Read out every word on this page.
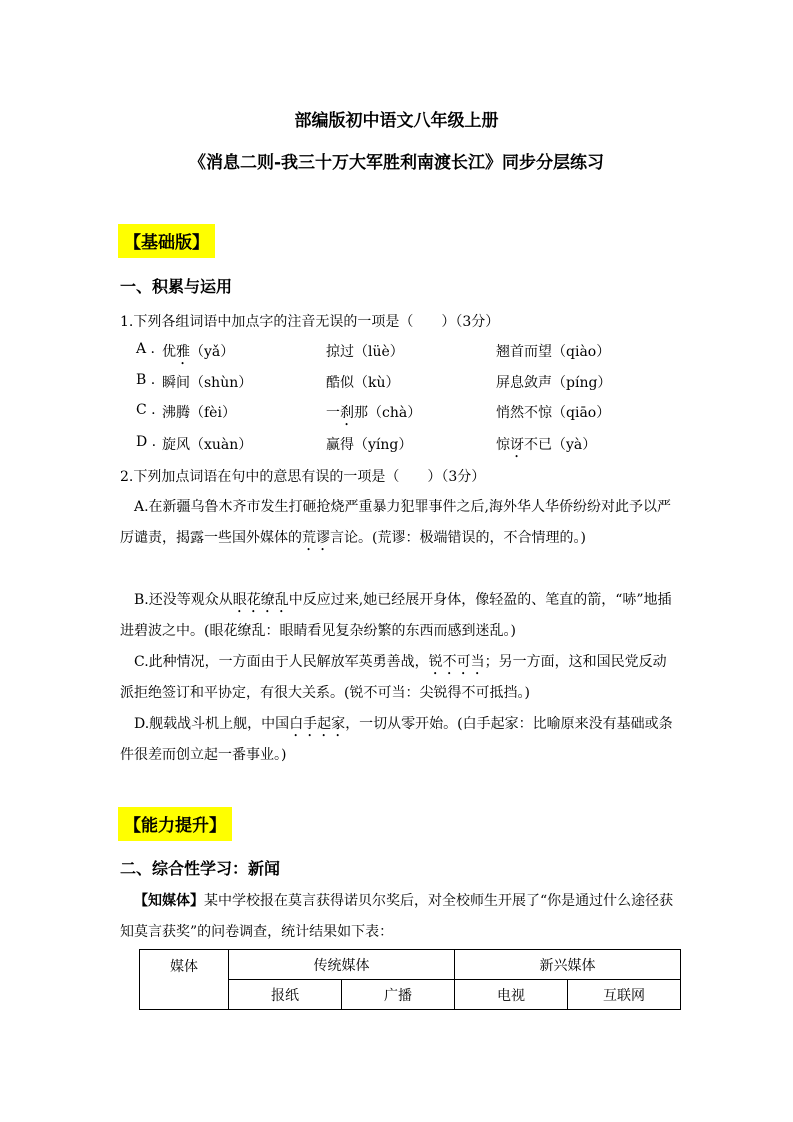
部编版初中语文八年级上册
《消息二则-我三十万大军胜利南渡长江》同步分层练习
【基础版】
一、积累与运用
1.下列各组词语中加点字的注音无误的一项是（　　）（3分）
A . 优雅（yǎ）	掠过（lüè）	翘首而望（qiào）
B . 瞬间（shùn）	酷似（kù）	屏息敛声（píng）
C . 沸腾（fèi）	一刹那（chà）	悄然不惊（qiāo）
D . 旋风（xuàn）	赢得（yíng）	惊讶不已（yà）
2.下列加点词语在句中的意思有误的一项是（　　）（3分）
A.在新疆乌鲁木齐市发生打砸抢烧严重暴力犯罪事件之后,海外华人华侨纷纷对此予以严厉谴责，揭露一些国外媒体的荒谬言论。(荒谬：极端错误的，不合情理的。)
B.还没等观众从眼花缭乱中反应过来,她已经展开身体，像轻盈的、笔直的箭，“哧”地插进碧波之中。(眼花缭乱：眼睛看见复杂纷繁的东西而感到迷乱。)
C.此种情况，一方面由于人民解放军英勇善战，锐不可当；另一方面，这和国民党反动派拒绝签订和平协定，有很大关系。(锐不可当：尖锐得不可抵挡。)
D.舰载战斗机上舰，中国白手起家，一切从零开始。(白手起家：比喻原来没有基础或条件很差而创立起一番事业。)
【能力提升】
二、综合性学习：新闻
【知媒体】某中学校报在莫言获得诺贝尔奖后，对全校师生开展了“你是通过什么途径获知莫言获奖”的问卷调查，统计结果如下表：
媒体	传统媒体		新兴媒体	
	报纸	广播	电视	互联网
